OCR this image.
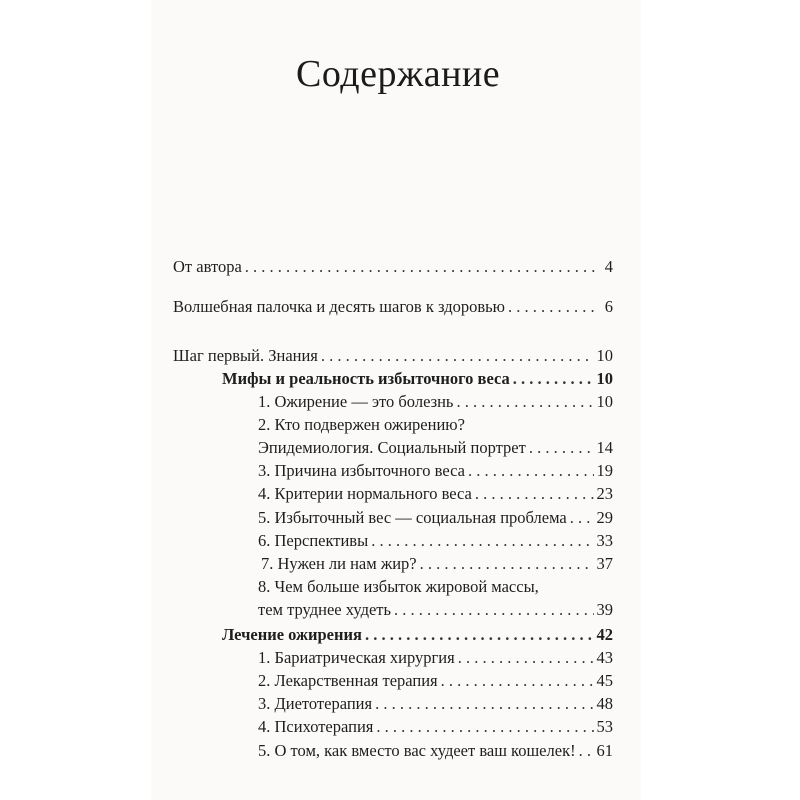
Содержание
От автора . . .	4
Волшебная палочка и десять шагов к здоровью . . .	6
Шаг первый. Знания . . .	10
Мифы и реальность избыточного веса . . .	10
1. Ожирение — это болезнь . . .	10
2. Кто подвержен ожирению?
Эпидемиология. Социальный портрет . . .	14
3. Причина избыточного веса . . .	19
4. Критерии нормального веса . . .	23
5. Избыточный вес — социальная проблема . . . 29
6. Перспективы . . .	33
7. Нужен ли нам жир? . . .	37
8. Чем больше избыток жировой массы,
тем труднее худеть . . .	39
Лечение ожирения . . .	42
1. Бариатрическая хирургия . . .	43
2. Лекарственная терапия . . .	45
3. Диетотерапия . . .	48
4. Психотерапия . . .	53
5. О том, как вместо вас худеет ваш кошелек! . . . 61
